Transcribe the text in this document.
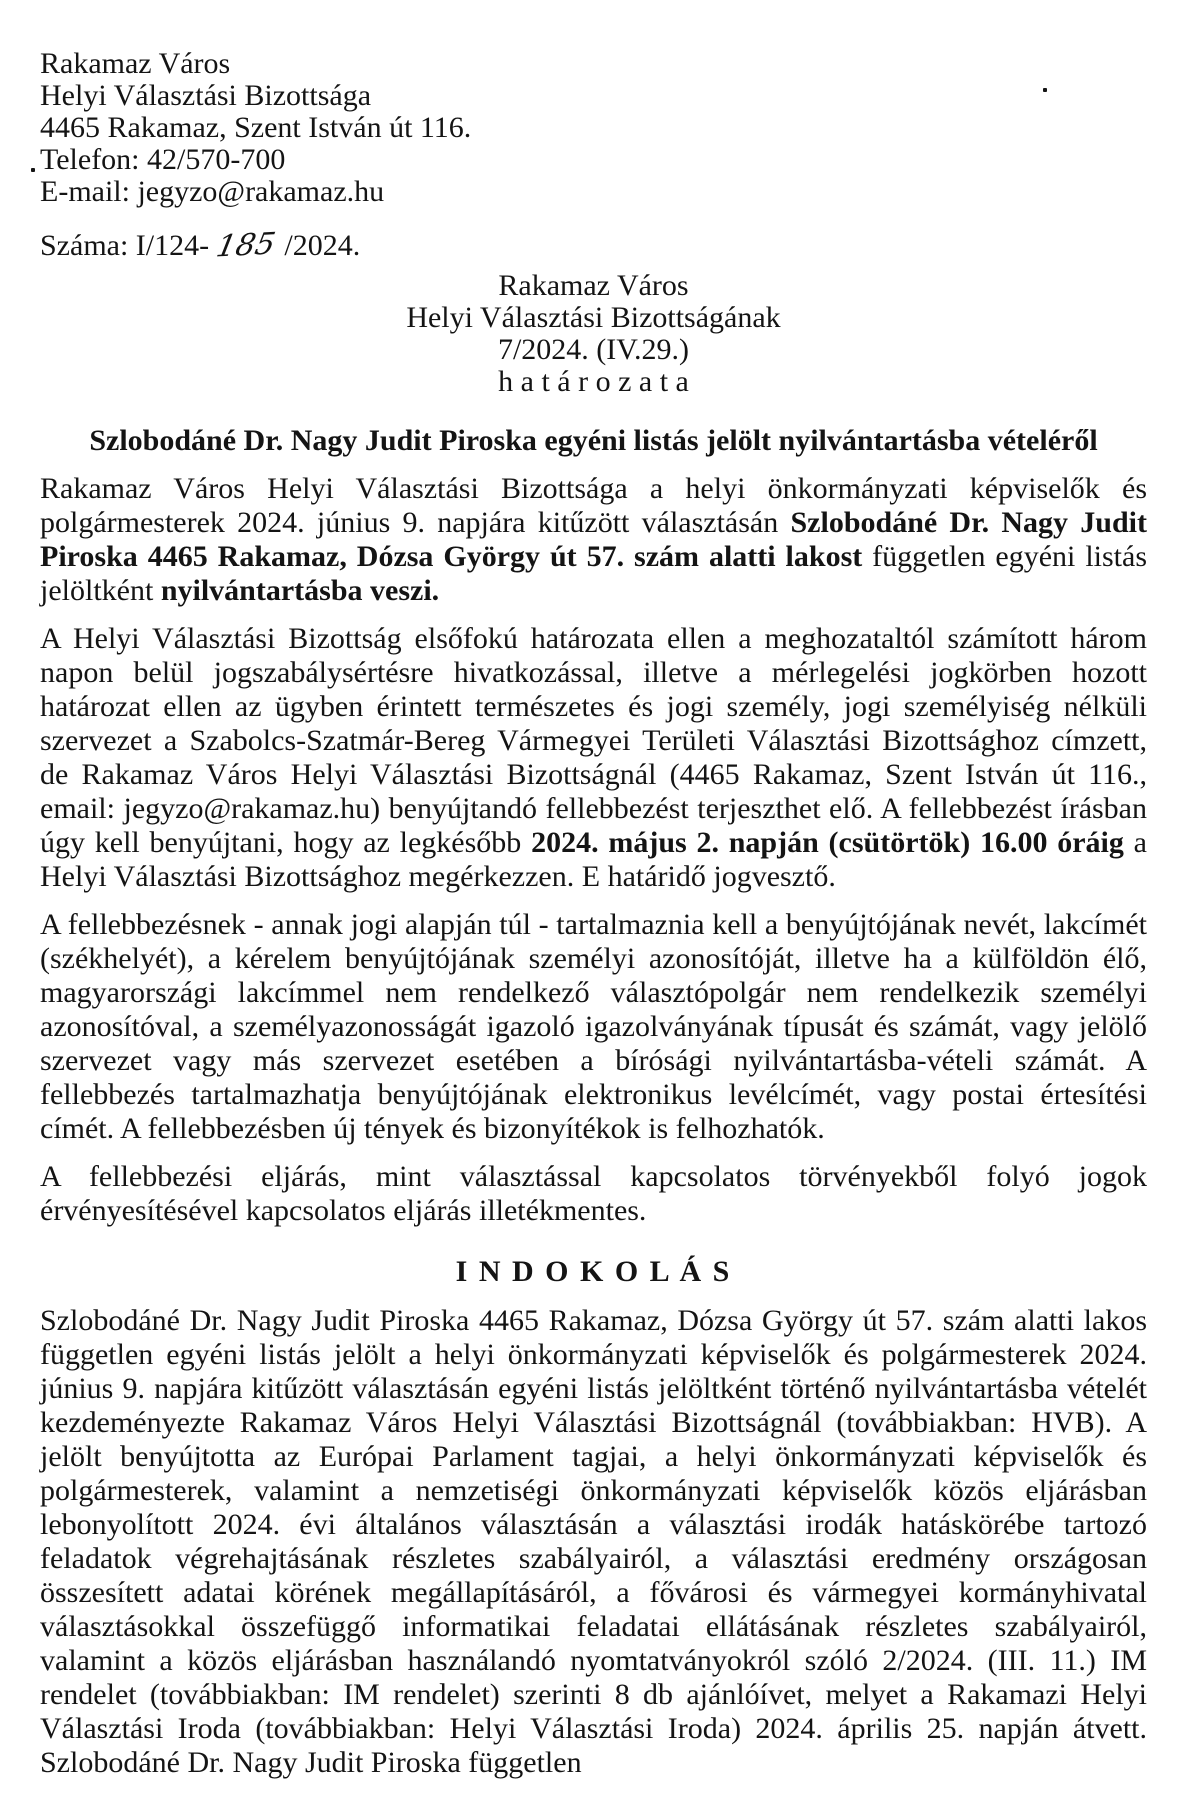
Rakamaz Város
Helyi Választási Bizottsága
4465 Rakamaz, Szent István út 116.
Telefon: 42/570-700
E-mail: jegyzo@rakamaz.hu
Száma: I/124- 185 /2024.
Rakamaz Város
Helyi Választási Bizottságának
7/2024. (IV.29.)
h a t á r o z a t a
Szlobodáné Dr. Nagy Judit Piroska egyéni listás jelölt nyilvántartásba vételéről

Rakamaz Város Helyi Választási Bizottsága a helyi önkormányzati képviselők és polgármesterek 2024. június 9. napjára kitűzött választásán Szlobodáné Dr. Nagy Judit Piroska 4465 Rakamaz, Dózsa György út 57. szám alatti lakost független egyéni listás jelöltként nyilvántartásba veszi.

A Helyi Választási Bizottság elsőfokú határozata ellen a meghozataltól számított három napon belül jogszabálysértésre hivatkozással, illetve a mérlegelési jogkörben hozott határozat ellen az ügyben érintett természetes és jogi személy, jogi személyiség nélküli szervezet a Szabolcs-Szatmár-Bereg Vármegyei Területi Választási Bizottsághoz címzett, de Rakamaz Város Helyi Választási Bizottságnál (4465 Rakamaz, Szent István út 116., email: jegyzo@rakamaz.hu) benyújtandó fellebbezést terjeszthet elő. A fellebbezést írásban úgy kell benyújtani, hogy az legkésőbb 2024. május 2. napján (csütörtök) 16.00 óráig a Helyi Választási Bizottsághoz megérkezzen. E határidő jogvesztő.

A fellebbezésnek - annak jogi alapján túl - tartalmaznia kell a benyújtójának nevét, lakcímét (székhelyét), a kérelem benyújtójának személyi azonosítóját, illetve ha a külföldön élő, magyarországi lakcímmel nem rendelkező választópolgár nem rendelkezik személyi azonosítóval, a személyazonosságát igazoló igazolványának típusát és számát, vagy jelölő szervezet vagy más szervezet esetében a bírósági nyilvántartásba-vételi számát. A fellebbezés tartalmazhatja benyújtójának elektronikus levélcímét, vagy postai értesítési címét. A fellebbezésben új tények és bizonyítékok is felhozhatók.

A fellebbezési eljárás, mint választással kapcsolatos törvényekből folyó jogok érvényesítésével kapcsolatos eljárás illetékmentes.

I N D O K O L Á S

Szlobodáné Dr. Nagy Judit Piroska 4465 Rakamaz, Dózsa György út 57. szám alatti lakos független egyéni listás jelölt a helyi önkormányzati képviselők és polgármesterek 2024. június 9. napjára kitűzött választásán egyéni listás jelöltként történő nyilvántartásba vételét kezdeményezte Rakamaz Város Helyi Választási Bizottságnál (továbbiakban: HVB). A jelölt benyújtotta az Európai Parlament tagjai, a helyi önkormányzati képviselők és polgármesterek, valamint a nemzetiségi önkormányzati képviselők közös eljárásban lebonyolított 2024. évi általános választásán a választási irodák hatáskörébe tartozó feladatok végrehajtásának részletes szabályairól, a választási eredmény országosan összesített adatai körének megállapításáról, a fővárosi és vármegyei kormányhivatal választásokkal összefüggő informatikai feladatai ellátásának részletes szabályairól, valamint a közös eljárásban használandó nyomtatványokról szóló 2/2024. (III. 11.) IM rendelet (továbbiakban: IM rendelet) szerinti 8 db ajánlóívet, melyet a Rakamazi Helyi Választási Iroda (továbbiakban: Helyi Választási Iroda) 2024. április 25. napján átvett. Szlobodáné Dr. Nagy Judit Piroska független
